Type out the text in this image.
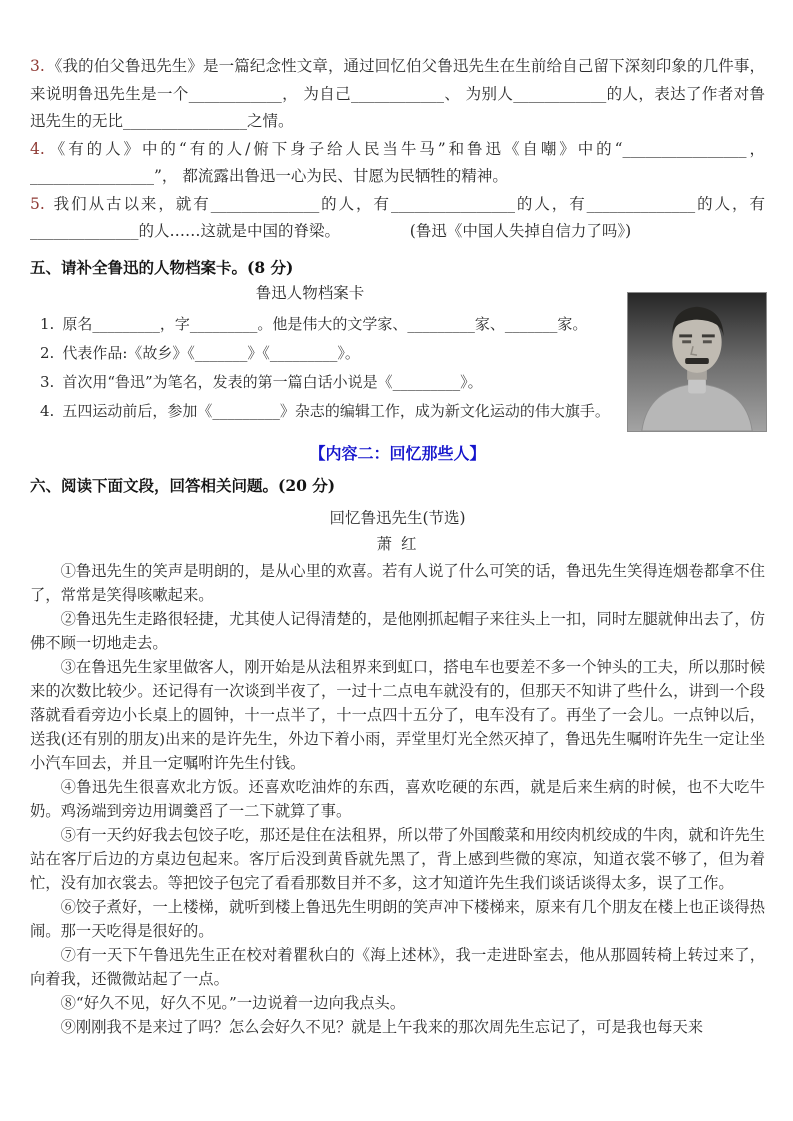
3. 《我的伯父鲁迅先生》是一篇纪念性文章，通过回忆伯父鲁迅先生在生前给自己留下深刻印象的几件事，来说明鲁迅先生是一个____________， 为自己____________、 为别人____________的人，表达了作者对鲁迅先生的无比________________之情。

4. 《有的人》中的“有的人/俯下身子给人民当牛马”和鲁迅《自嘲》中的“________________， ________________”， 都流露出鲁迅一心为民、甘愿为民牺牲的精神。

5. 我们从古以来，就有______________的人，有________________的人，有______________的人，有______________的人……这就是中国的脊梁。	(鲁迅《中国人失掉自信力了吗》)

五、请补全鲁迅的人物档案卡。(8 分)
鲁迅人物档案卡
1. 原名_________，字_________。他是伟大的文学家、_________家、_______家。
2. 代表作品:《故乡》《_______》《_________》。
3. 首次用“鲁迅”为笔名，发表的第一篇白话小说是《_________》。
4. 五四运动前后，参加《_________》杂志的编辑工作，成为新文化运动的伟大旗手。
【内容二：回忆那些人】
六、阅读下面文段，回答相关问题。(20 分)
回忆鲁迅先生(节选)
萧 红

①鲁迅先生的笑声是明朗的，是从心里的欢喜。若有人说了什么可笑的话，鲁迅先生笑得连烟卷都拿不住了，常常是笑得咳嗽起来。

②鲁迅先生走路很轻捷，尤其使人记得清楚的，是他刚抓起帽子来往头上一扣，同时左腿就伸出去了，仿佛不顾一切地走去。

③在鲁迅先生家里做客人，刚开始是从法租界来到虹口，搭电车也要差不多一个钟头的工夫，所以那时候来的次数比较少。还记得有一次谈到半夜了，一过十二点电车就没有的，但那天不知讲了些什么，讲到一个段落就看看旁边小长桌上的圆钟，十一点半了，十一点四十五分了，电车没有了。再坐了一会儿。一点钟以后，送我(还有别的朋友)出来的是许先生，外边下着小雨，弄堂里灯光全然灭掉了，鲁迅先生嘱咐许先生一定让坐小汽车回去，并且一定嘱咐许先生付钱。

④鲁迅先生很喜欢北方饭。还喜欢吃油炸的东西，喜欢吃硬的东西，就是后来生病的时候，也不大吃牛奶。鸡汤端到旁边用调羹舀了一二下就算了事。

⑤有一天约好我去包饺子吃，那还是住在法租界，所以带了外国酸菜和用绞肉机绞成的牛肉，就和许先生站在客厅后边的方桌边包起来。客厅后没到黄昏就先黑了，背上感到些微的寒凉，知道衣裳不够了，但为着忙，没有加衣裳去。等把饺子包完了看看那数目并不多，这才知道许先生我们谈话谈得太多，误了工作。

⑥饺子煮好，一上楼梯，就听到楼上鲁迅先生明朗的笑声冲下楼梯来，原来有几个朋友在楼上也正谈得热闹。那一天吃得是很好的。

⑦有一天下午鲁迅先生正在校对着瞿秋白的《海上述林》，我一走进卧室去，他从那圆转椅上转过来了，向着我，还微微站起了一点。

⑧“好久不见，好久不见。”一边说着一边向我点头。

⑨刚刚我不是来过了吗？怎么会好久不见？就是上午我来的那次周先生忘记了，可是我也每天来
